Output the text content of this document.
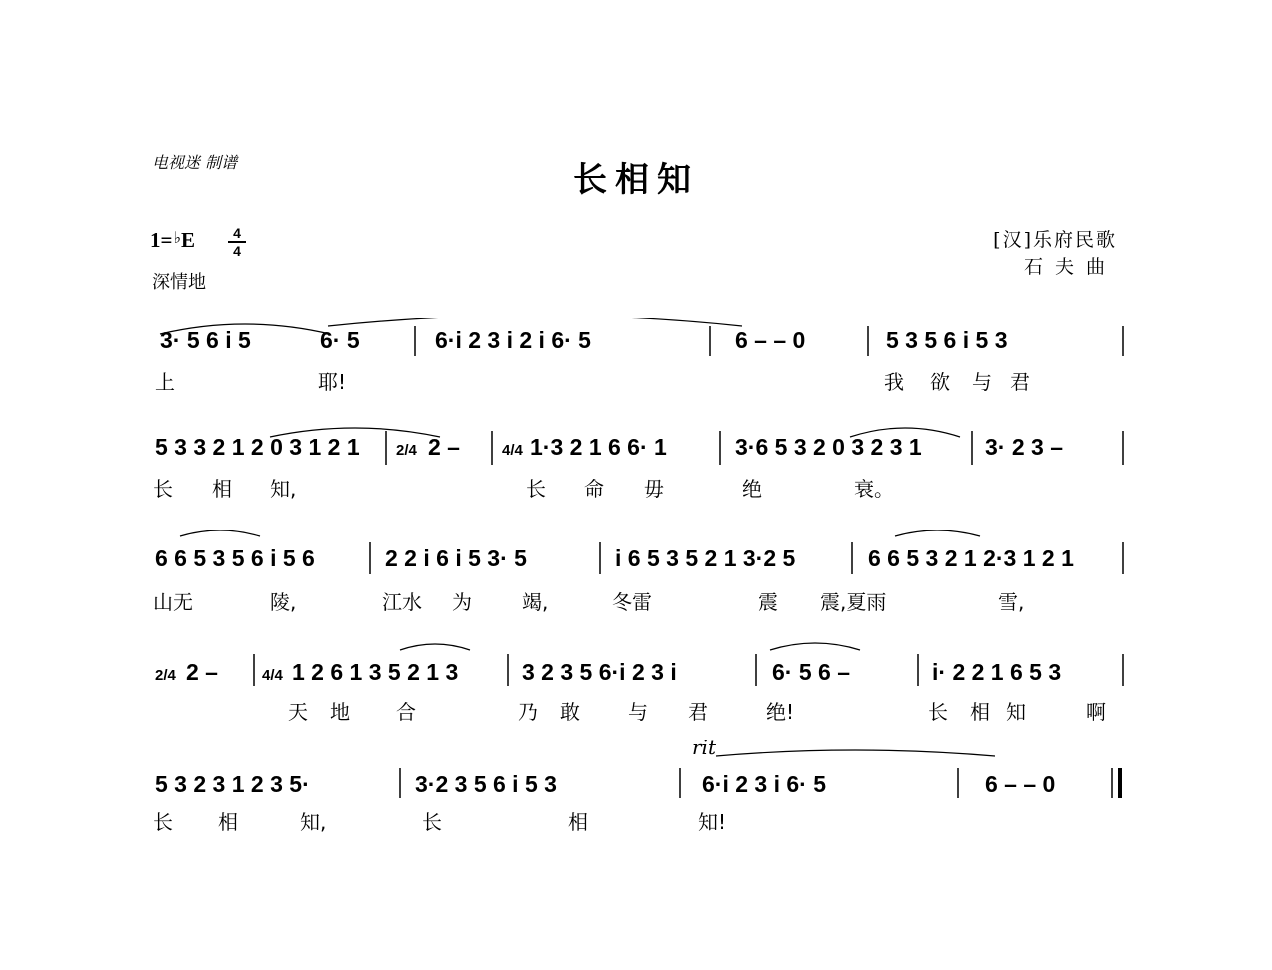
电视迷 制谱	长相知
1=♭E	4
4
深情地
[汉]乐府民歌
石夫曲
3· 5 6 i 5	6· 5	6·i 2 3 i 2 i 6· 5	6 – – 0	5 3 5 6 i 5 3
上	耶!	我 欲 与 君
5 3 3 2 1 2 0 3 1 2 1 2/4 2 –	4/4 1·3 2 1 6 6· 1	3·6 5 3 2 0 3 2 3 1	3· 2 3 –
长 相 知,	长 命 毋	绝	衰。
6 6 5 3 5 6 i 5 6	2 2 i 6 i 5 3· 5	i 6 5 3 5 2 1 3·2 5	6 6 5 3 2 1 2·3 1 2 1
山无	陵,	江水 为	竭,	冬雷	震 震,夏雨	雪,
2/4 2 –	4/4 1 2 6 1 3 5 2 1 3	3 2 3 5 6·i 2 3 i	6· 5 6 –	i· 2 2 1 6 5 3
天 地 合	乃 敢 与 君	绝!	长 相 知	啊
rit
5 3 2 3 1 2 3 5·	3·2 3 5 6 i 5 3	6·i 2 3 i 6· 5	6 – – 0
长 相	知,	长	相	知!
